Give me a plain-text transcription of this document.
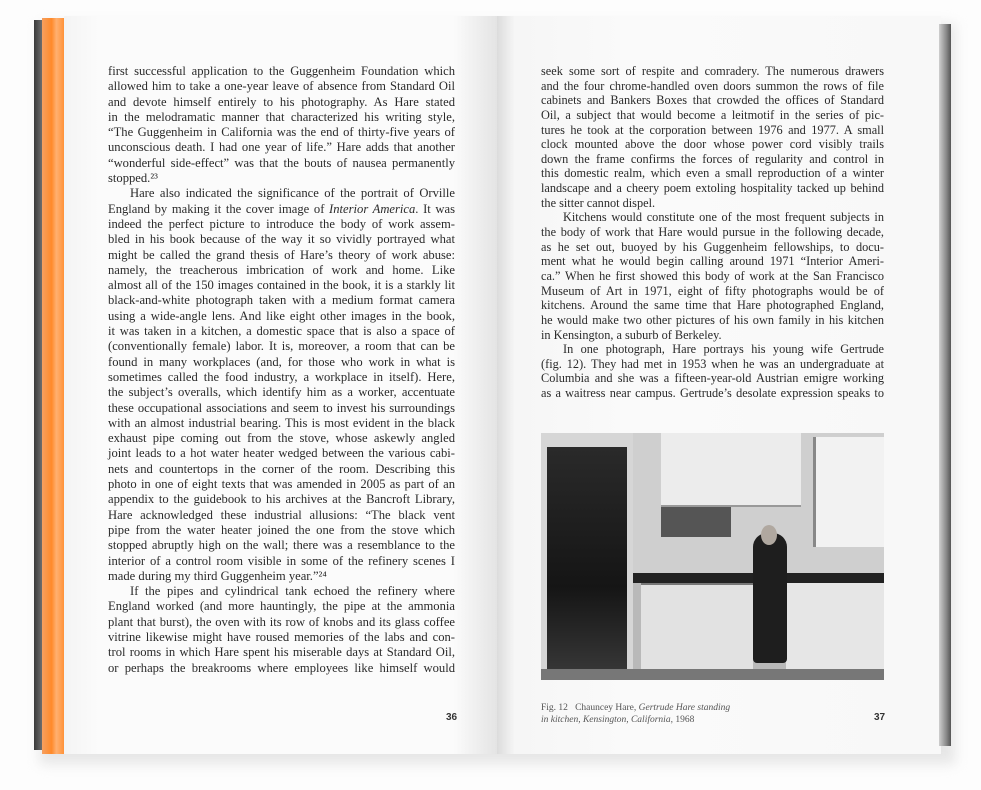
first successful application to the Guggenheim Foundation which
allowed him to take a one-year leave of absence from Standard Oil
and devote himself entirely to his photography. As Hare stated
in the melodramatic manner that characterized his writing style,
“The Guggenheim in California was the end of thirty-five years of
unconscious death. I had one year of life.” Hare adds that another
“wonderful side-effect” was that the bouts of nausea permanently
stopped.²³
Hare also indicated the significance of the portrait of Orville
England by making it the cover image of Interior America. It was
indeed the perfect picture to introduce the body of work assem-
bled in his book because of the way it so vividly portrayed what
might be called the grand thesis of Hare’s theory of work abuse:
namely, the treacherous imbrication of work and home. Like
almost all of the 150 images contained in the book, it is a starkly lit
black-and-white photograph taken with a medium format camera
using a wide-angle lens. And like eight other images in the book,
it was taken in a kitchen, a domestic space that is also a space of
(conventionally female) labor. It is, moreover, a room that can be
found in many workplaces (and, for those who work in what is
sometimes called the food industry, a workplace in itself). Here,
the subject’s overalls, which identify him as a worker, accentuate
these occupational associations and seem to invest his surroundings
with an almost industrial bearing. This is most evident in the black
exhaust pipe coming out from the stove, whose askewly angled
joint leads to a hot water heater wedged between the various cabi-
nets and countertops in the corner of the room. Describing this
photo in one of eight texts that was amended in 2005 as part of an
appendix to the guidebook to his archives at the Bancroft Library,
Hare acknowledged these industrial allusions: “The black vent
pipe from the water heater joined the one from the stove which
stopped abruptly high on the wall; there was a resemblance to the
interior of a control room visible in some of the refinery scenes I
made during my third Guggenheim year.”²⁴
If the pipes and cylindrical tank echoed the refinery where
England worked (and more hauntingly, the pipe at the ammonia
plant that burst), the oven with its row of knobs and its glass coffee
vitrine likewise might have roused memories of the labs and con-
trol rooms in which Hare spent his miserable days at Standard Oil,
or perhaps the breakrooms where employees like himself would
seek some sort of respite and comradery. The numerous drawers
and the four chrome-handled oven doors summon the rows of file
cabinets and Bankers Boxes that crowded the offices of Standard
Oil, a subject that would become a leitmotif in the series of pic-
tures he took at the corporation between 1976 and 1977. A small
clock mounted above the door whose power cord visibly trails
down the frame confirms the forces of regularity and control in
this domestic realm, which even a small reproduction of a winter
landscape and a cheery poem extoling hospitality tacked up behind
the sitter cannot dispel.
Kitchens would constitute one of the most frequent subjects in
the body of work that Hare would pursue in the following decade,
as he set out, buoyed by his Guggenheim fellowships, to docu-
ment what he would begin calling around 1971 “Interior Ameri-
ca.” When he first showed this body of work at the San Francisco
Museum of Art in 1971, eight of fifty photographs would be of
kitchens. Around the same time that Hare photographed England,
he would make two other pictures of his own family in his kitchen
in Kensington, a suburb of Berkeley.
In one photograph, Hare portrays his young wife Gertrude
(fig. 12). They had met in 1953 when he was an undergraduate at
Columbia and she was a fifteen-year-old Austrian emigre working
as a waitress near campus. Gertrude’s desolate expression speaks to
Fig. 12 Chauncey Hare, Gertrude Hare standing
in kitchen, Kensington, California, 1968
36	37
